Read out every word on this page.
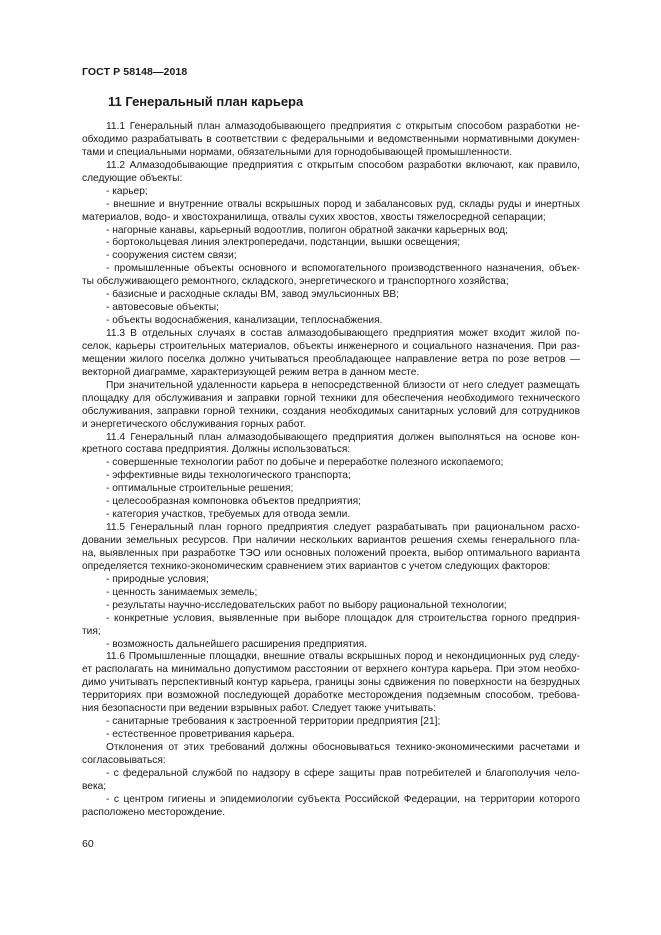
ГОСТ Р 58148—2018
11 Генеральный план карьера
11.1 Генеральный план алмазодобывающего предприятия с открытым способом разработки не-
обходимо разрабатывать в соответствии с федеральными и ведомственными нормативными докумен-
тами и специальными нормами, обязательными для горнодобывающей промышленности.
11.2 Алмазодобывающие предприятия с открытым способом разработки включают, как правило,
следующие объекты:
- карьер;
- внешние и внутренние отвалы вскрышных пород и забалансовых руд, склады руды и инертных
материалов, водо- и хвостохранилища, отвалы сухих хвостов, хвосты тяжелосредной сепарации;
- нагорные канавы, карьерный водоотлив, полигон обратной закачки карьерных вод;
- бортокольцевая линия электропередачи, подстанции, вышки освещения;
- сооружения систем связи;
- промышленные объекты основного и вспомогательного производственного назначения, объек-
ты обслуживающего ремонтного, складского, энергетического и транспортного хозяйства;
- базисные и расходные склады ВМ, завод эмульсионных ВВ;
- автовесовые объекты;
- объекты водоснабжения, канализации, теплоснабжения.
11.3 В отдельных случаях в состав алмазодобывающего предприятия может входит жилой по-
селок, карьеры строительных материалов, объекты инженерного и социального назначения. При раз-
мещении жилого поселка должно учитываться преобладающее направление ветра по розе ветров —
векторной диаграмме, характеризующей режим ветра в данном месте.
При значительной удаленности карьера в непосредственной близости от него следует размещать
площадку для обслуживания и заправки горной техники для обеспечения необходимого технического
обслуживания, заправки горной техники, создания необходимых санитарных условий для сотрудников
и энергетического обслуживания горных работ.
11.4 Генеральный план алмазодобывающего предприятия должен выполняться на основе кон-
кретного состава предприятия. Должны использоваться:
- совершенные технологии работ по добыче и переработке полезного ископаемого;
- эффективные виды технологического транспорта;
- оптимальные строительные решения;
- целесообразная компоновка объектов предприятия;
- категория участков, требуемых для отвода земли.
11.5 Генеральный план горного предприятия следует разрабатывать при рациональном расхо-
довании земельных ресурсов. При наличии нескольких вариантов решения схемы генерального пла-
на, выявленных при разработке ТЭО или основных положений проекта, выбор оптимального варианта
определяется технико-экономическим сравнением этих вариантов с учетом следующих факторов:
- природные условия;
- ценность занимаемых земель;
- результаты научно-исследовательских работ по выбору рациональной технологии;
- конкретные условия, выявленные при выборе площадок для строительства горного предприя-
тия;
- возможность дальнейшего расширения предприятия.
11.6 Промышленные площадки, внешние отвалы вскрышных пород и некондиционных руд следу-
ет располагать на минимально допустимом расстоянии от верхнего контура карьера. При этом необхо-
димо учитывать перспективный контур карьера, границы зоны сдвижения по поверхности на безрудных
территориях при возможной последующей доработке месторождения подземным способом, требова-
ния безопасности при ведении взрывных работ. Следует также учитывать:
- санитарные требования к застроенной территории предприятия [21];
- естественное проветривания карьера.
Отклонения от этих требований должны обосновываться технико-экономическими расчетами и
согласовываться:
- с федеральной службой по надзору в сфере защиты прав потребителей и благополучия чело-
века;
- с центром гигиены и эпидемиологии субъекта Российской Федерации, на территории которого
расположено месторождение.
60
